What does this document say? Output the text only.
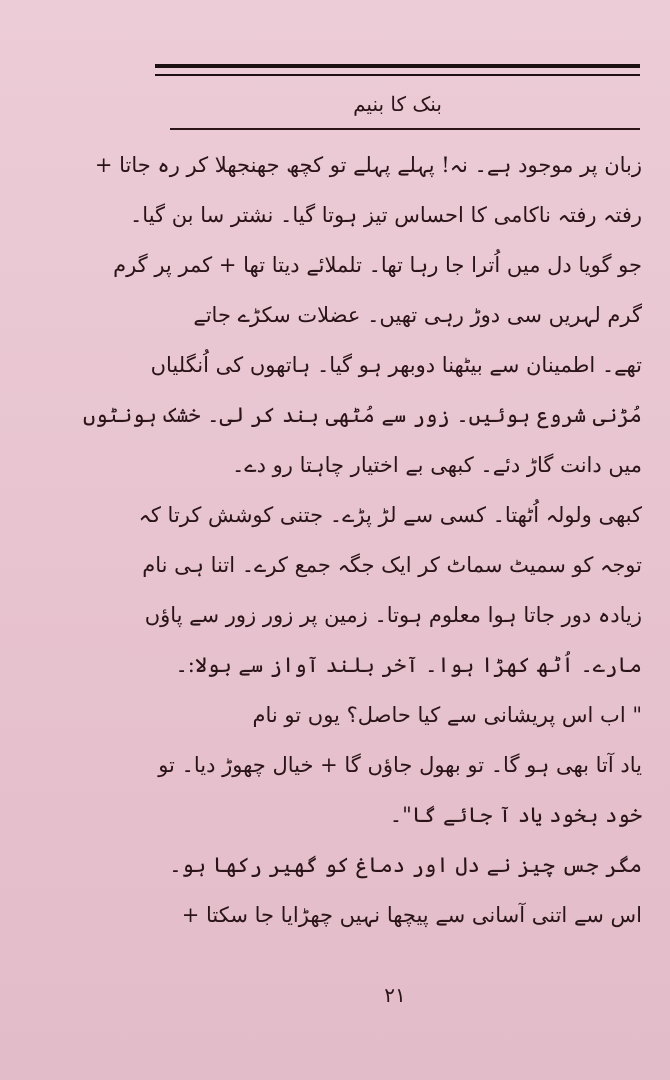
بنک کا بنیم
زبان پر موجود ہے۔ نہ! پہلے پہلے تو کچھ جھنجھلا کر رہ جاتا +
رفتہ رفتہ ناکامی کا احساس تیز ہوتا گیا۔ نشتر سا بن گیا۔
جو گویا دل میں اُترا جا رہا تھا۔ تلملائے دیتا تھا + کمر پر گرم
گرم لہریں سی دوڑ رہی تھیں۔ عضلات سکڑے جاتے
تھے۔ اطمینان سے بیٹھنا دوبھر ہو گیا۔ ہاتھوں کی اُنگلیاں
مُڑنی شروع ہوئیں۔ زور سے مُٹھی بند کر لی۔ خشک ہونٹوں
میں دانت گاڑ دئے۔ کبھی بے اختیار چاہتا رو دے۔
کبھی ولولہ اُٹھتا۔ کسی سے لڑ پڑے۔ جتنی کوشش کرتا کہ
توجہ کو سمیٹ سماٹ کر ایک جگہ جمع کرے۔ اتنا ہی نام
زیادہ دور جاتا ہوا معلوم ہوتا۔ زمین پر زور زور سے پاؤں
مارے۔ اُٹھ کھڑا ہوا۔ آخر بلند آواز سے بولا:۔
" اب اس پریشانی سے کیا حاصل؟ یوں تو نام
یاد آتا بھی ہو گا۔ تو بھول جاؤں گا + خیال چھوڑ دیا۔ تو
خود بخود یاد آ جائے گا"۔
مگر جس چیز نے دل اور دماغ کو گھیر رکھا ہو۔
اس سے اتنی آسانی سے پیچھا نہیں چھڑایا جا سکتا +
۲۱
